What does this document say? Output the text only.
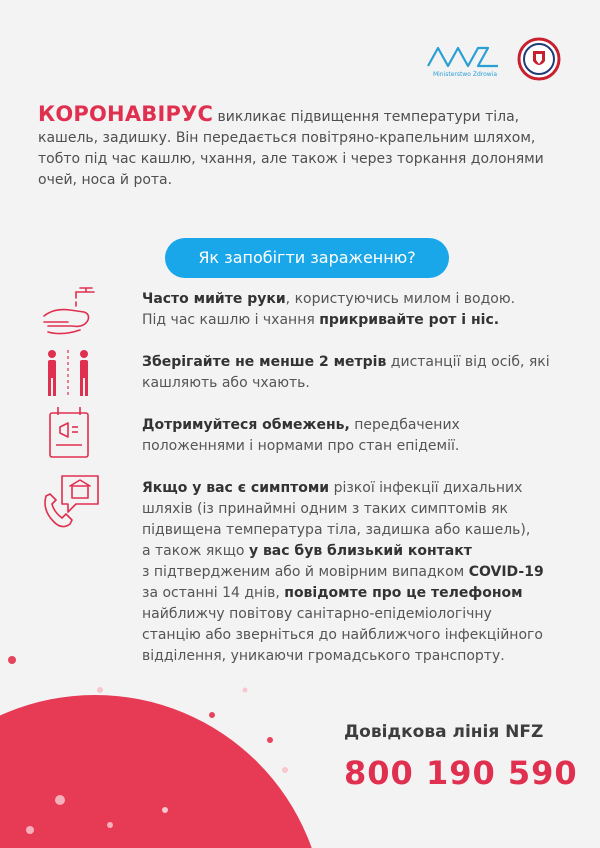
Ministerstwo Zdrowia
КОРОНАВІРУС викликає підвищення температури тіла,
кашель, задишку. Він передається повітряно-крапельним шляхом,
тобто під час кашлю, чхання, але також і через торкання долонями
очей, носа й рота.
Як запобігти зараженню?
Часто мийте руки, користуючись милом і водою.
Під час кашлю і чхання прикривайте рот і ніс.
Зберігайте не менше 2 метрів дистанції від осіб, які
кашляють або чхають.
Дотримуйтеся обмежень, передбачених
положеннями і нормами про стан епідемії.
Якщо у вас є симптоми різкої інфекції дихальних
шляхів (із принаймні одним з таких симптомів як
підвищена температура тіла, задишка або кашель),
а також якщо у вас був близький контакт
з підтвердженим або й мовірним випадком COVID-19
за останні 14 днів, повідомте про це телефоном
найближчу повітову санітарно-епідеміологічну
станцію або зверніться до найближчого інфекційного
відділення, уникаючи громадського транспорту.
Довідкова лінія NFZ
800 190 590
